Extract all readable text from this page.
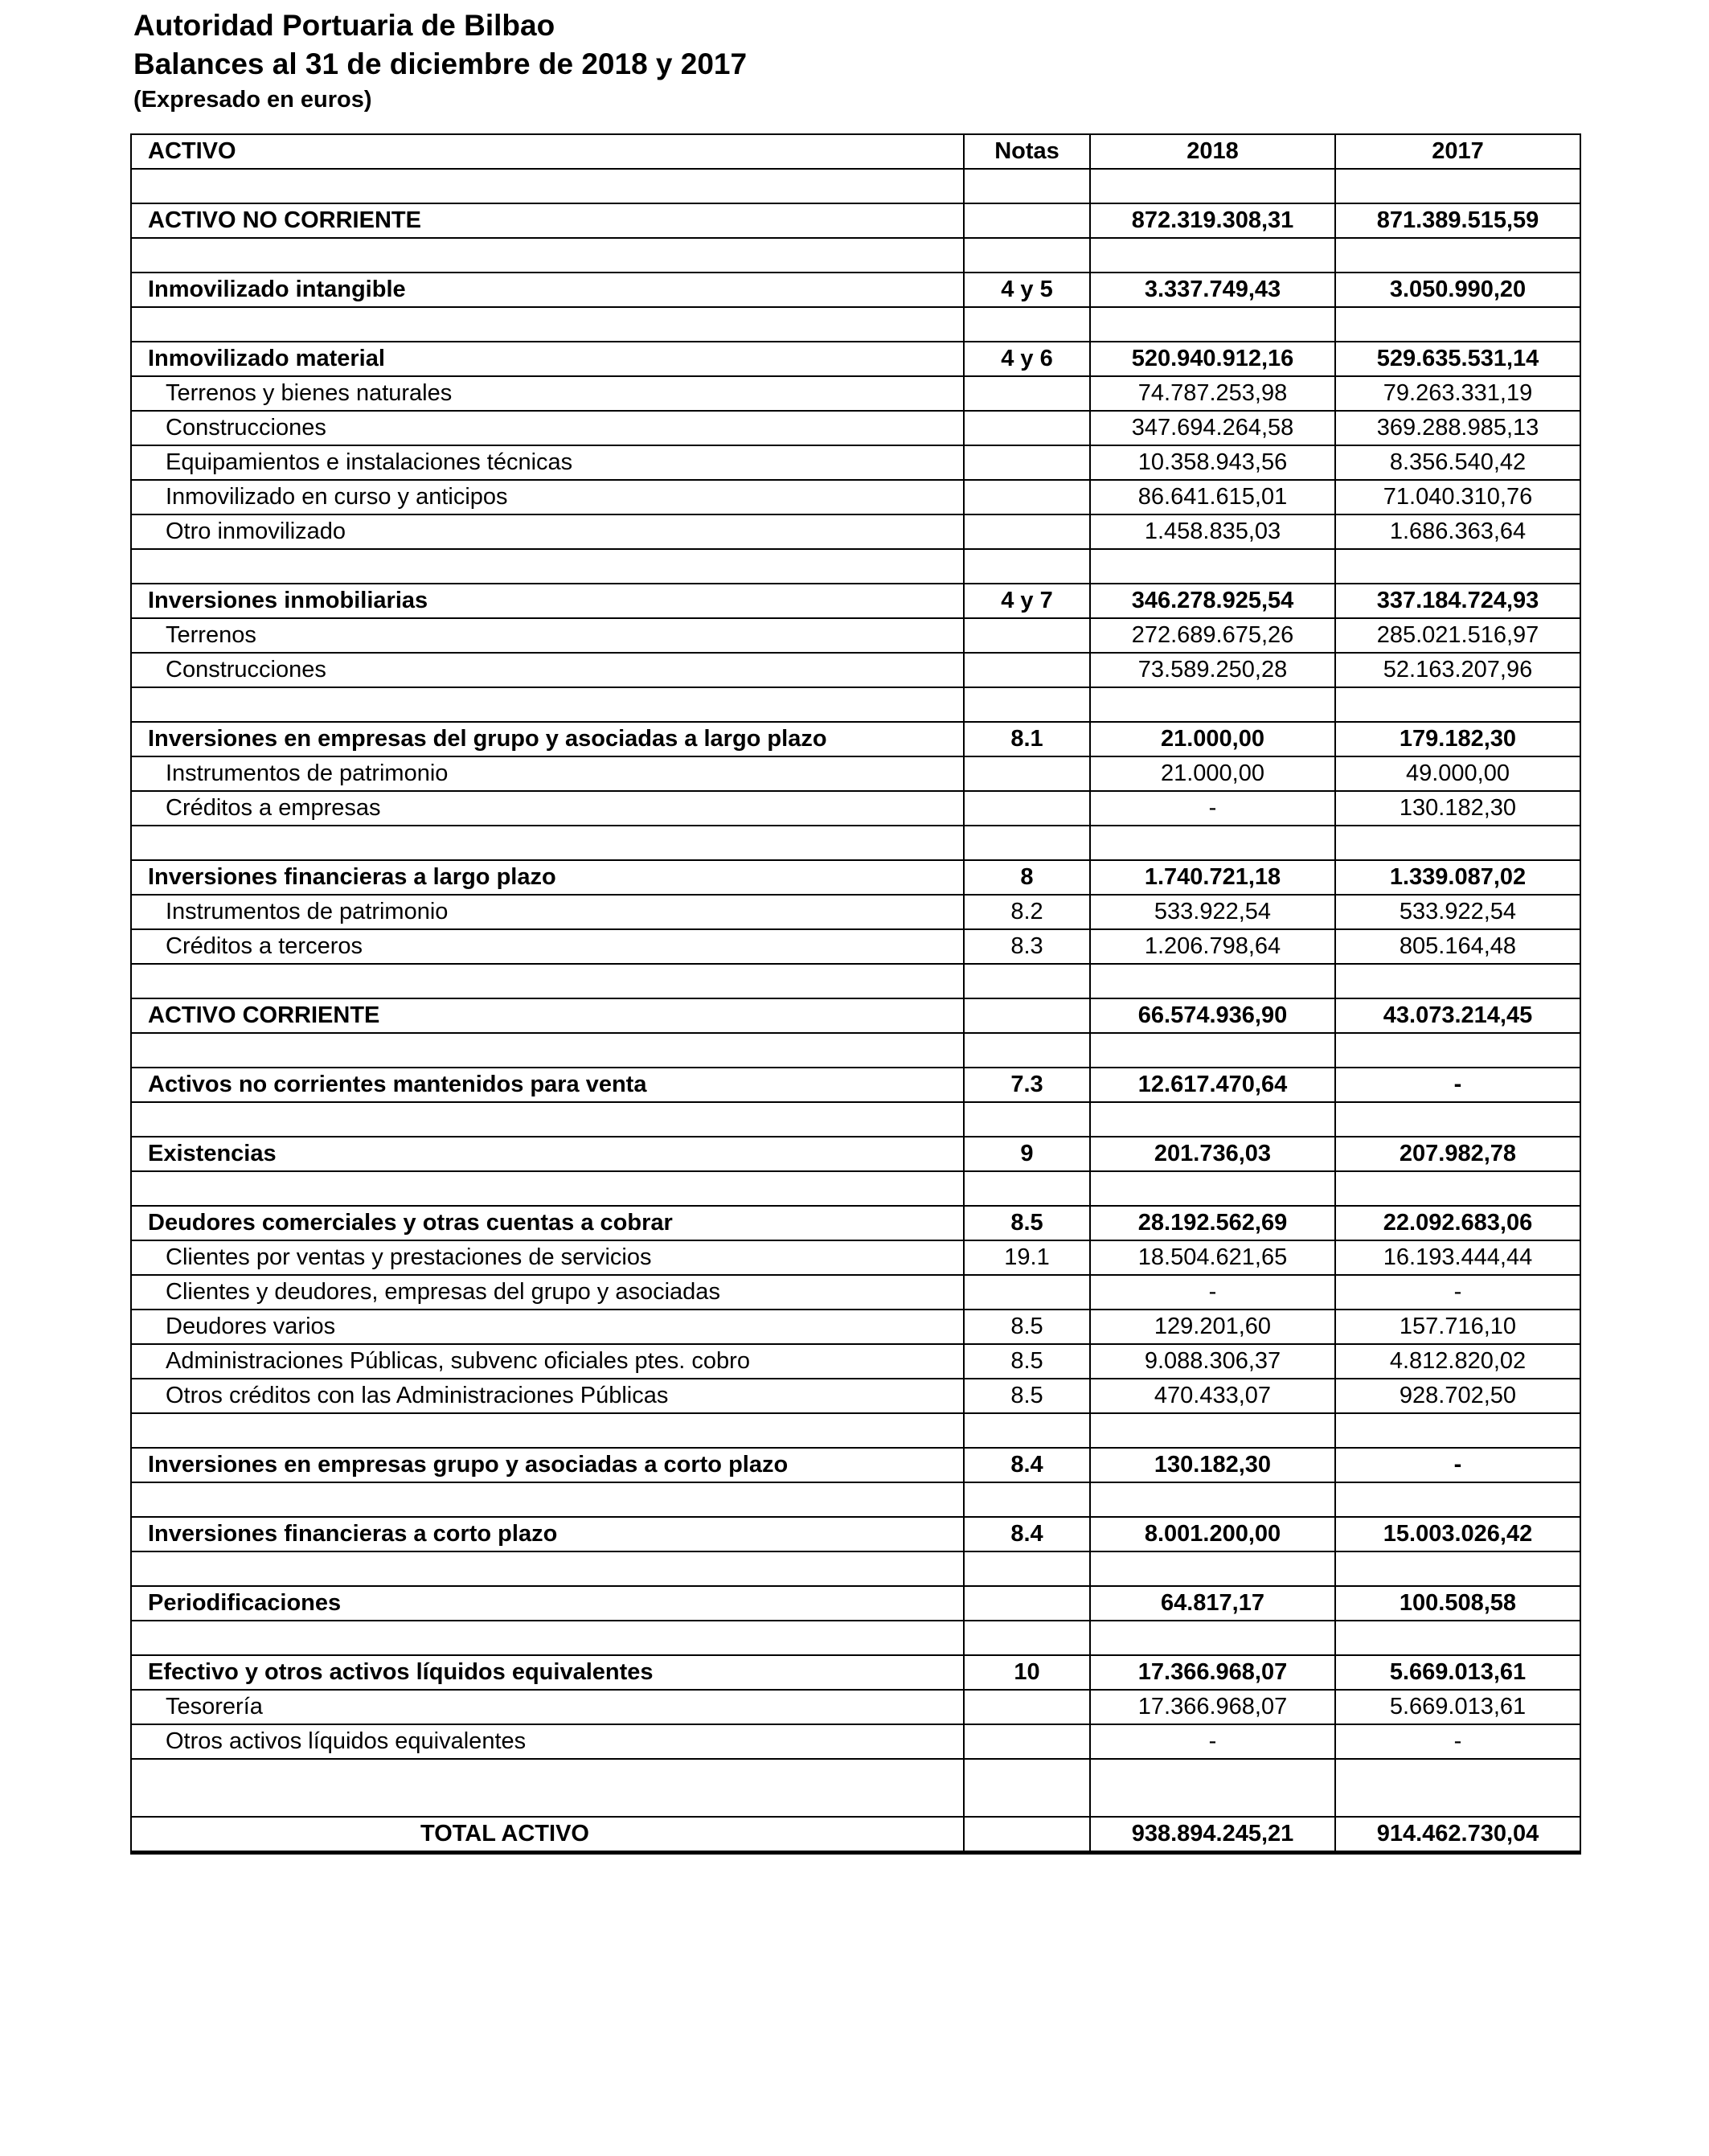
Autoridad Portuaria de Bilbao
Balances al 31 de diciembre de 2018 y 2017
(Expresado en euros)
ACTIVO	Notas	2018	2017

ACTIVO NO CORRIENTE		872.319.308,31	871.389.515,59

Inmovilizado intangible	4 y 5	3.337.749,43	3.050.990,20

Inmovilizado material	4 y 6	520.940.912,16	529.635.531,14
Terrenos y bienes naturales		74.787.253,98	79.263.331,19
Construcciones		347.694.264,58	369.288.985,13
Equipamientos e instalaciones técnicas		10.358.943,56	8.356.540,42
Inmovilizado en curso y anticipos		86.641.615,01	71.040.310,76
Otro inmovilizado		1.458.835,03	1.686.363,64

Inversiones inmobiliarias	4 y 7	346.278.925,54	337.184.724,93
Terrenos		272.689.675,26	285.021.516,97
Construcciones		73.589.250,28	52.163.207,96

Inversiones en empresas del grupo y asociadas a largo plazo	8.1	21.000,00	179.182,30
Instrumentos de patrimonio		21.000,00	49.000,00
Créditos a empresas		-	130.182,30

Inversiones financieras a largo plazo	8	1.740.721,18	1.339.087,02
Instrumentos de patrimonio	8.2	533.922,54	533.922,54
Créditos a terceros	8.3	1.206.798,64	805.164,48

ACTIVO CORRIENTE		66.574.936,90	43.073.214,45

Activos no corrientes mantenidos para venta	7.3	12.617.470,64	-

Existencias	9	201.736,03	207.982,78

Deudores comerciales y otras cuentas a cobrar	8.5	28.192.562,69	22.092.683,06
Clientes por ventas y prestaciones de servicios	19.1	18.504.621,65	16.193.444,44
Clientes y deudores, empresas del grupo y asociadas		-	-
Deudores varios	8.5	129.201,60	157.716,10
Administraciones Públicas, subvenc oficiales ptes. cobro	8.5	9.088.306,37	4.812.820,02
Otros créditos con las Administraciones Públicas	8.5	470.433,07	928.702,50

Inversiones en empresas grupo y asociadas a corto plazo	8.4	130.182,30	-

Inversiones financieras a corto plazo	8.4	8.001.200,00	15.003.026,42

Periodificaciones		64.817,17	100.508,58

Efectivo y otros activos líquidos equivalentes	10	17.366.968,07	5.669.013,61
Tesorería		17.366.968,07	5.669.013,61
Otros activos líquidos equivalentes		-	-

TOTAL ACTIVO		938.894.245,21	914.462.730,04
